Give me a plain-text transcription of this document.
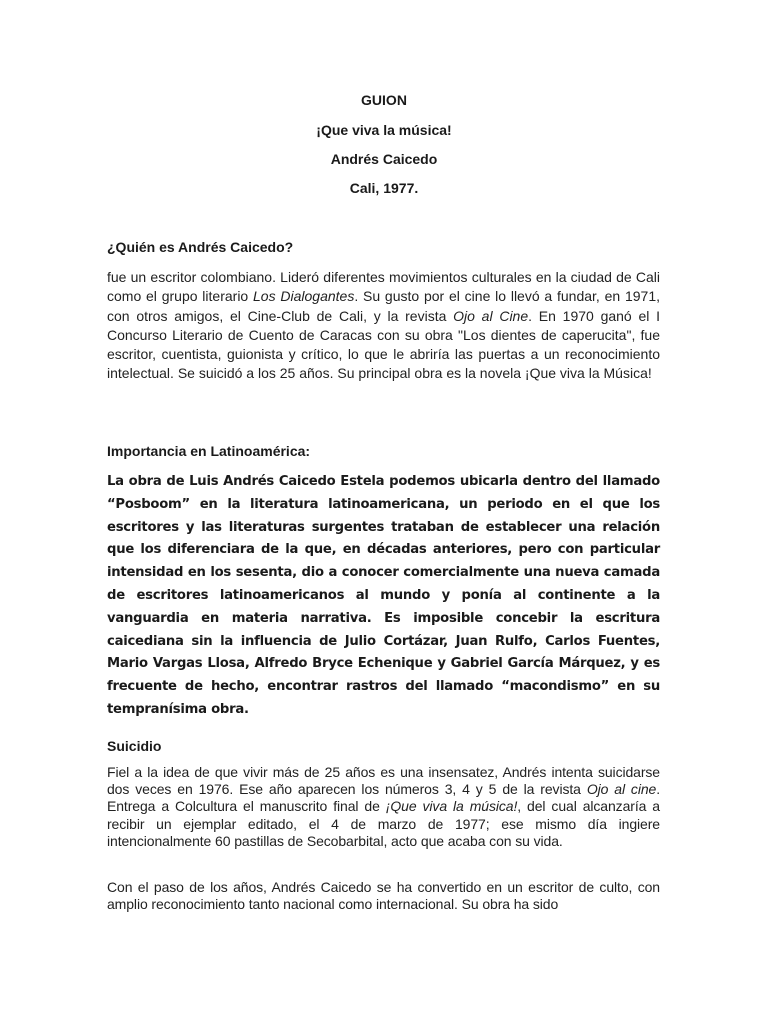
GUION
¡Que viva la música!
Andrés Caicedo
Cali, 1977.
¿Quién es Andrés Caicedo?

fue un escritor colombiano. Lideró diferentes movimientos culturales en la ciudad de Cali como el grupo literario Los Dialogantes. Su gusto por el cine lo llevó a fundar, en 1971, con otros amigos, el Cine-Club de Cali, y la revista Ojo al Cine. En 1970 ganó el I Concurso Literario de Cuento de Caracas con su obra "Los dientes de caperucita", fue escritor, cuentista, guionista y crítico, lo que le abriría las puertas a un reconocimiento intelectual. Se suicidó a los 25 años. Su principal obra es la novela ¡Que viva la Música!

Importancia en Latinoamérica:

La obra de Luis Andrés Caicedo Estela podemos ubicarla dentro del llamado “Posboom” en la literatura latinoamericana, un periodo en el que los escritores y las literaturas surgentes trataban de establecer una relación que los diferenciara de la que, en décadas anteriores, pero con particular intensidad en los sesenta, dio a conocer comercialmente una nueva camada de escritores latinoamericanos al mundo y ponía al continente a la vanguardia en materia narrativa. Es imposible concebir la escritura caicediana sin la influencia de Julio Cortázar, Juan Rulfo, Carlos Fuentes, Mario Vargas Llosa, Alfredo Bryce Echenique y Gabriel García Márquez, y es frecuente de hecho, encontrar rastros del llamado “macondismo” en su tempranísima obra.

Suicidio

Fiel a la idea de que vivir más de 25 años es una insensatez, Andrés intenta suicidarse dos veces en 1976. Ese año aparecen los números 3, 4 y 5 de la revista Ojo al cine. Entrega a Colcultura el manuscrito final de ¡Que viva la música!, del cual alcanzaría a recibir un ejemplar editado, el 4 de marzo de 1977; ese mismo día ingiere intencionalmente 60 pastillas de Secobarbital, acto que acaba con su vida.

Con el paso de los años, Andrés Caicedo se ha convertido en un escritor de culto, con amplio reconocimiento tanto nacional como internacional. Su obra ha sido
